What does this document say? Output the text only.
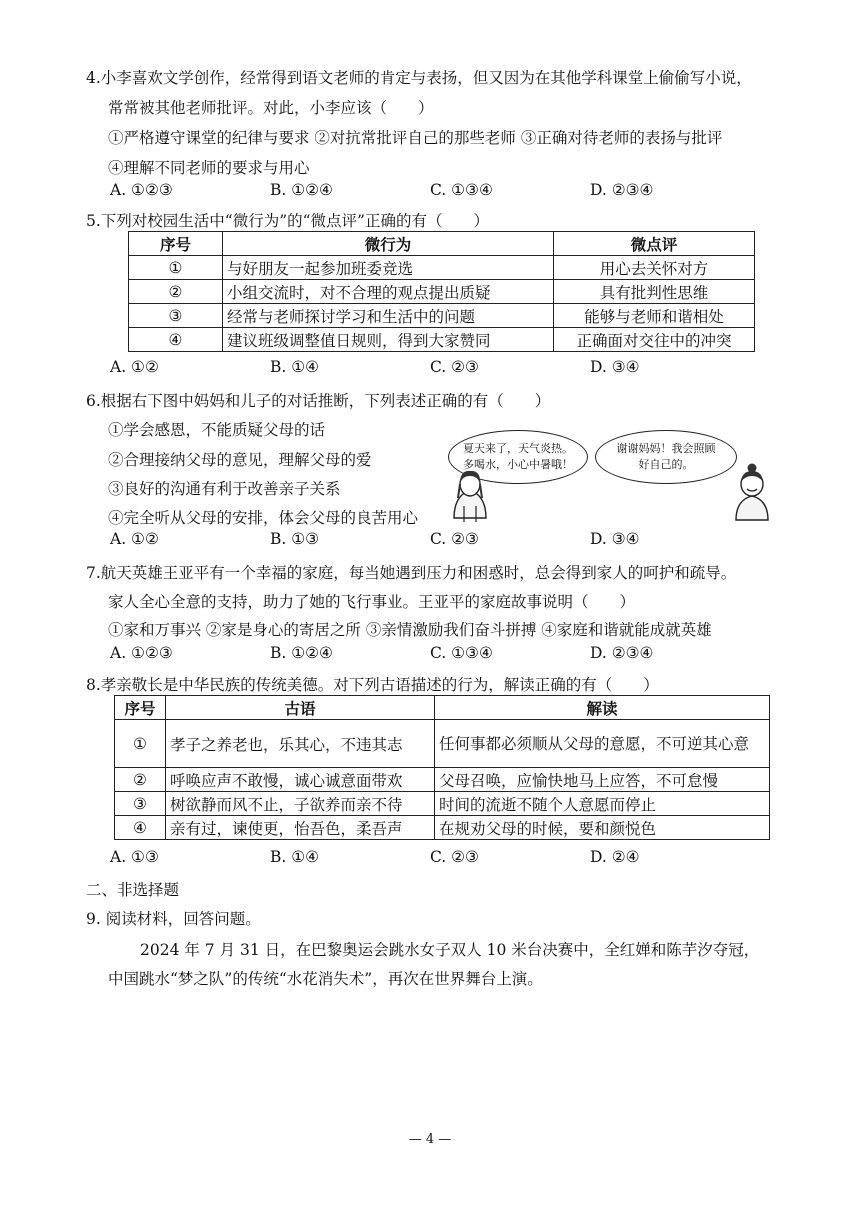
4.小李喜欢文学创作，经常得到语文老师的肯定与表扬，但又因为在其他学科课堂上偷偷写小说，
常常被其他老师批评。对此，小李应该（　　）
①严格遵守课堂的纪律与要求 ②对抗常批评自己的那些老师 ③正确对待老师的表扬与批评
④理解不同老师的要求与用心
A. ①②③	B. ①②④	C. ①③④	D. ②③④
5.下列对校园生活中“微行为”的“微点评”正确的有（　　）
序号	微行为	微点评
①	与好朋友一起参加班委竞选	用心去关怀对方
②	小组交流时，对不合理的观点提出质疑	具有批判性思维
③	经常与老师探讨学习和生活中的问题	能够与老师和谐相处
④	建议班级调整值日规则，得到大家赞同	正确面对交往中的冲突
A. ①②	B. ①④	C. ②③	D. ③④
6.根据右下图中妈妈和儿子的对话推断，下列表述正确的有（　　）
①学会感恩，不能质疑父母的话
②合理接纳父母的意见，理解父母的爱
③良好的沟通有利于改善亲子关系
④完全听从父母的安排，体会父母的良苦用心
夏天来了，天气炎热。
多喝水，小心中暑哦！
谢谢妈妈！我会照顾
好自己的。
A. ①②	B. ①③	C. ②③	D. ③④
7.航天英雄王亚平有一个幸福的家庭，每当她遇到压力和困惑时，总会得到家人的呵护和疏导。
家人全心全意的支持，助力了她的飞行事业。王亚平的家庭故事说明（　　）
①家和万事兴 ②家是身心的寄居之所 ③亲情激励我们奋斗拼搏 ④家庭和谐就能成就英雄
A. ①②③	B. ①②④	C. ①③④	D. ②③④
8.孝亲敬长是中华民族的传统美德。对下列古语描述的行为，解读正确的有（　　）
序号	古语	解读
①	孝子之养老也，乐其心，不违其志	任何事都必须顺从父母的意愿，不可逆其心意
②	呼唤应声不敢慢，诚心诚意面带欢	父母召唤，应愉快地马上应答，不可怠慢
③	树欲静而风不止，子欲养而亲不待	时间的流逝不随个人意愿而停止
④	亲有过，谏使更，怡吾色，柔吾声	在规劝父母的时候，要和颜悦色
A. ①③	B. ①④	C. ②③	D. ②④
二、非选择题
9. 阅读材料，回答问题。
2024 年 7 月 31 日，在巴黎奥运会跳水女子双人 10 米台决赛中，全红婵和陈芋汐夺冠，
中国跳水“梦之队”的传统“水花消失术”，再次在世界舞台上演。
— 4 —
